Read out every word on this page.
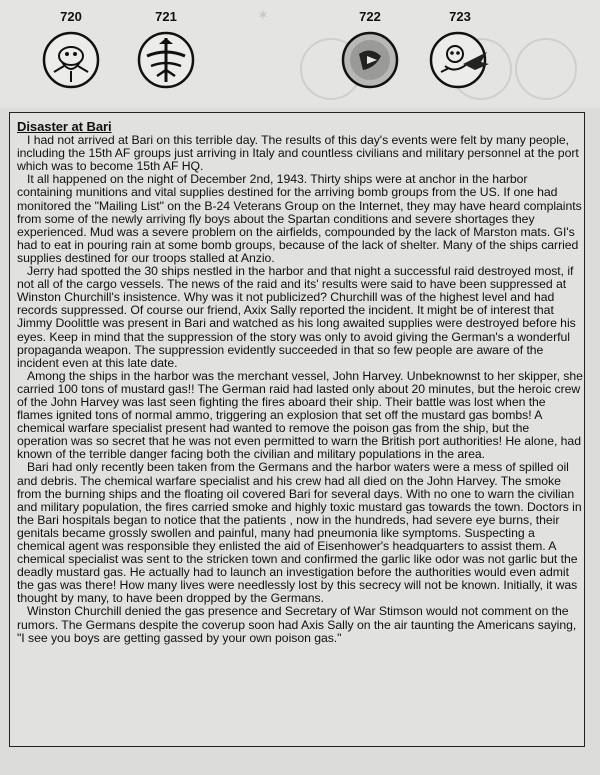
✶
720	721	722	723

Disaster at Bari

I had not arrived at Bari on this terrible day. The results of this day's events were felt by many people, including the 15th AF groups just arriving in Italy and countless civilians and military personnel at the port which was to become 15th AF HQ.

It all happened on the night of December 2nd, 1943. Thirty ships were at anchor in the harbor containing munitions and vital supplies destined for the arriving bomb groups from the US. If one had monitored the "Mailing List" on the B-24 Veterans Group on the Internet, they may have heard complaints from some of the newly arriving fly boys about the Spartan conditions and severe shortages they experienced. Mud was a severe problem on the airfields, compounded by the lack of Marston mats. GI's had to eat in pouring rain at some bomb groups, because of the lack of shelter. Many of the ships carried supplies destined for our troops stalled at Anzio.

Jerry had spotted the 30 ships nestled in the harbor and that night a successful raid destroyed most, if not all of the cargo vessels. The news of the raid and its' results were said to have been suppressed at Winston Churchill's insistence. Why was it not publicized? Churchill was of the highest level and had records suppressed. Of course our friend, Axix Sally reported the incident. It might be of interest that Jimmy Doolittle was present in Bari and watched as his long awaited supplies were destroyed before his eyes. Keep in mind that the suppression of the story was only to avoid giving the German's a wonderful propaganda weapon. The suppression evidently succeeded in that so few people are aware of the incident even at this late date.

Among the ships in the harbor was the merchant vessel, John Harvey. Unbeknownst to her skipper, she carried 100 tons of mustard gas!! The German raid had lasted only about 20 minutes, but the heroic crew of the John Harvey was last seen fighting the fires aboard their ship. Their battle was lost when the flames ignited tons of normal ammo, triggering an explosion that set off the mustard gas bombs! A chemical warfare specialist present had wanted to remove the poison gas from the ship, but the operation was so secret that he was not even permitted to warn the British port authorities! He alone, had known of the terrible danger facing both the civilian and military populations in the area.

Bari had only recently been taken from the Germans and the harbor waters were a mess of spilled oil and debris. The chemical warfare specialist and his crew had all died on the John Harvey. The smoke from the burning ships and the floating oil covered Bari for several days. With no one to warn the civilian and military population, the fires carried smoke and highly toxic mustard gas towards the town. Doctors in the Bari hospitals began to notice that the patients , now in the hundreds, had severe eye burns, their genitals became grossly swollen and painful, many had pneumonia like symptoms. Suspecting a chemical agent was responsible they enlisted the aid of Eisenhower's headquarters to assist them. A chemical specialist was sent to the stricken town and confirmed the garlic like odor was not garlic but the deadly mustard gas. He actually had to launch an investigation before the authorities would even admit the gas was there! How many lives were needlessly lost by this secrecy will not be known. Initially, it was thought by many, to have been dropped by the Germans.

Winston Churchill denied the gas presence and Secretary of War Stimson would not comment on the rumors. The Germans despite the coverup soon had Axis Sally on the air taunting the Americans saying, "I see you boys are getting gassed by your own poison gas."
